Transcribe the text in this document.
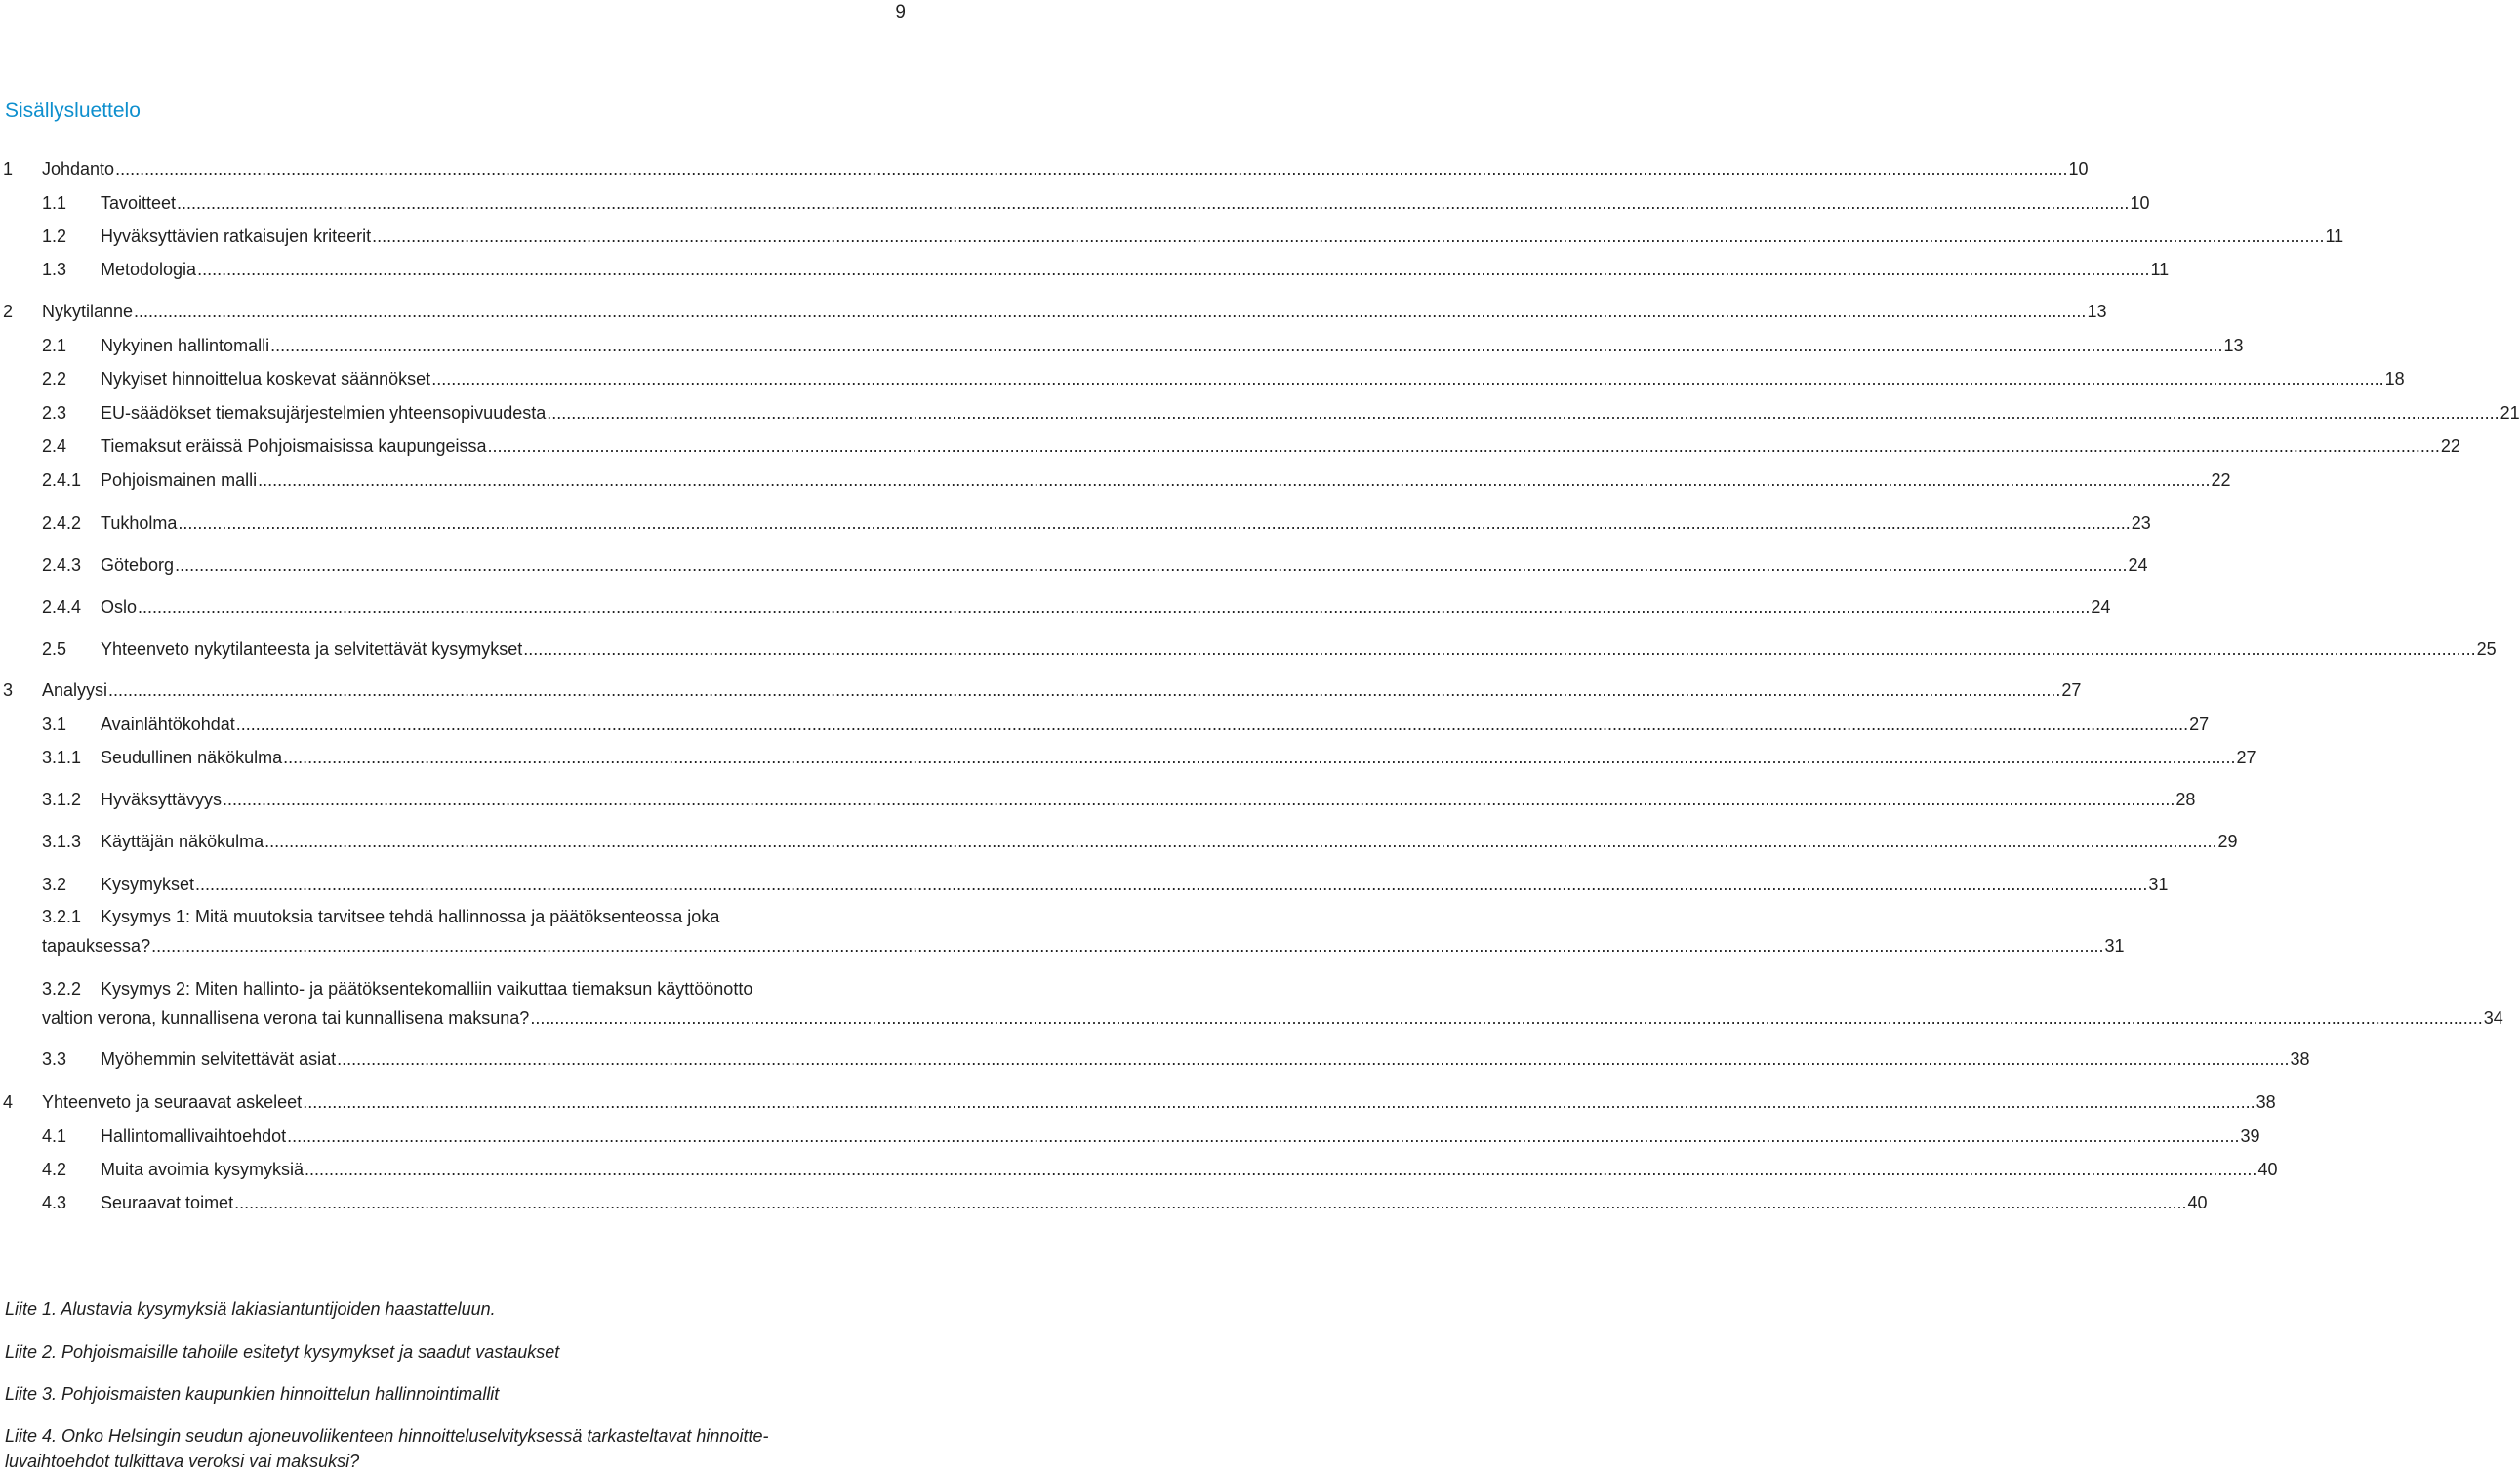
9
Sisällysluettelo
1 Johdanto ................................................................................................................................................................................................................................................................................................................................................................................................................ 10
1.1 Tavoitteet ................................................................................................................................................................................................................................................................................................................................................................................................................ 10
1.2 Hyväksyttävien ratkaisujen kriteerit ................................................................................................................................................................................................................................................................................................................................................................................................................ 11
1.3 Metodologia ................................................................................................................................................................................................................................................................................................................................................................................................................ 11
2 Nykytilanne ................................................................................................................................................................................................................................................................................................................................................................................................................ 13
2.1 Nykyinen hallintomalli ................................................................................................................................................................................................................................................................................................................................................................................................................ 13
2.2 Nykyiset hinnoittelua koskevat säännökset ................................................................................................................................................................................................................................................................................................................................................................................................................ 18
2.3 EU-säädökset tiemaksujärjestelmien yhteensopivuudesta ................................................................................................................................................................................................................................................................................................................................................................................................................ 21
2.4 Tiemaksut eräissä Pohjoismaisissa kaupungeissa ................................................................................................................................................................................................................................................................................................................................................................................................................ 22
2.4.1 Pohjoismainen malli ................................................................................................................................................................................................................................................................................................................................................................................................................ 22
2.4.2 Tukholma ................................................................................................................................................................................................................................................................................................................................................................................................................ 23
2.4.3 Göteborg ................................................................................................................................................................................................................................................................................................................................................................................................................ 24
2.4.4 Oslo ................................................................................................................................................................................................................................................................................................................................................................................................................ 24
2.5 Yhteenveto nykytilanteesta ja selvitettävät kysymykset ................................................................................................................................................................................................................................................................................................................................................................................................................ 25
3 Analyysi ................................................................................................................................................................................................................................................................................................................................................................................................................ 27
3.1 Avainlähtökohdat ................................................................................................................................................................................................................................................................................................................................................................................................................ 27
3.1.1 Seudullinen näkökulma ................................................................................................................................................................................................................................................................................................................................................................................................................ 27
3.1.2 Hyväksyttävyys ................................................................................................................................................................................................................................................................................................................................................................................................................ 28
3.1.3 Käyttäjän näkökulma ................................................................................................................................................................................................................................................................................................................................................................................................................ 29
3.2 Kysymykset ................................................................................................................................................................................................................................................................................................................................................................................................................ 31
3.2.1 Kysymys 1: Mitä muutoksia tarvitsee tehdä hallinnossa ja päätöksenteossa joka
tapauksessa? ................................................................................................................................................................................................................................................................................................................................................................................................................ 31
3.2.2 Kysymys 2: Miten hallinto- ja päätöksentekomalliin vaikuttaa tiemaksun käyttöönotto
valtion verona, kunnallisena verona tai kunnallisena maksuna? ................................................................................................................................................................................................................................................................................................................................................................................................................ 34
3.3 Myöhemmin selvitettävät asiat ................................................................................................................................................................................................................................................................................................................................................................................................................ 38
4 Yhteenveto ja seuraavat askeleet ................................................................................................................................................................................................................................................................................................................................................................................................................ 38
4.1 Hallintomallivaihtoehdot ................................................................................................................................................................................................................................................................................................................................................................................................................ 39
4.2 Muita avoimia kysymyksiä ................................................................................................................................................................................................................................................................................................................................................................................................................ 40
4.3 Seuraavat toimet ................................................................................................................................................................................................................................................................................................................................................................................................................ 40
Liite 1. Alustavia kysymyksiä lakiasiantuntijoiden haastatteluun.
Liite 2. Pohjoismaisille tahoille esitetyt kysymykset ja saadut vastaukset
Liite 3. Pohjoismaisten kaupunkien hinnoittelun hallinnointimallit
Liite 4. Onko Helsingin seudun ajoneuvoliikenteen hinnoitteluselvityksessä tarkasteltavat hinnoitte-
luvaihtoehdot tulkittava veroksi vai maksuksi?
